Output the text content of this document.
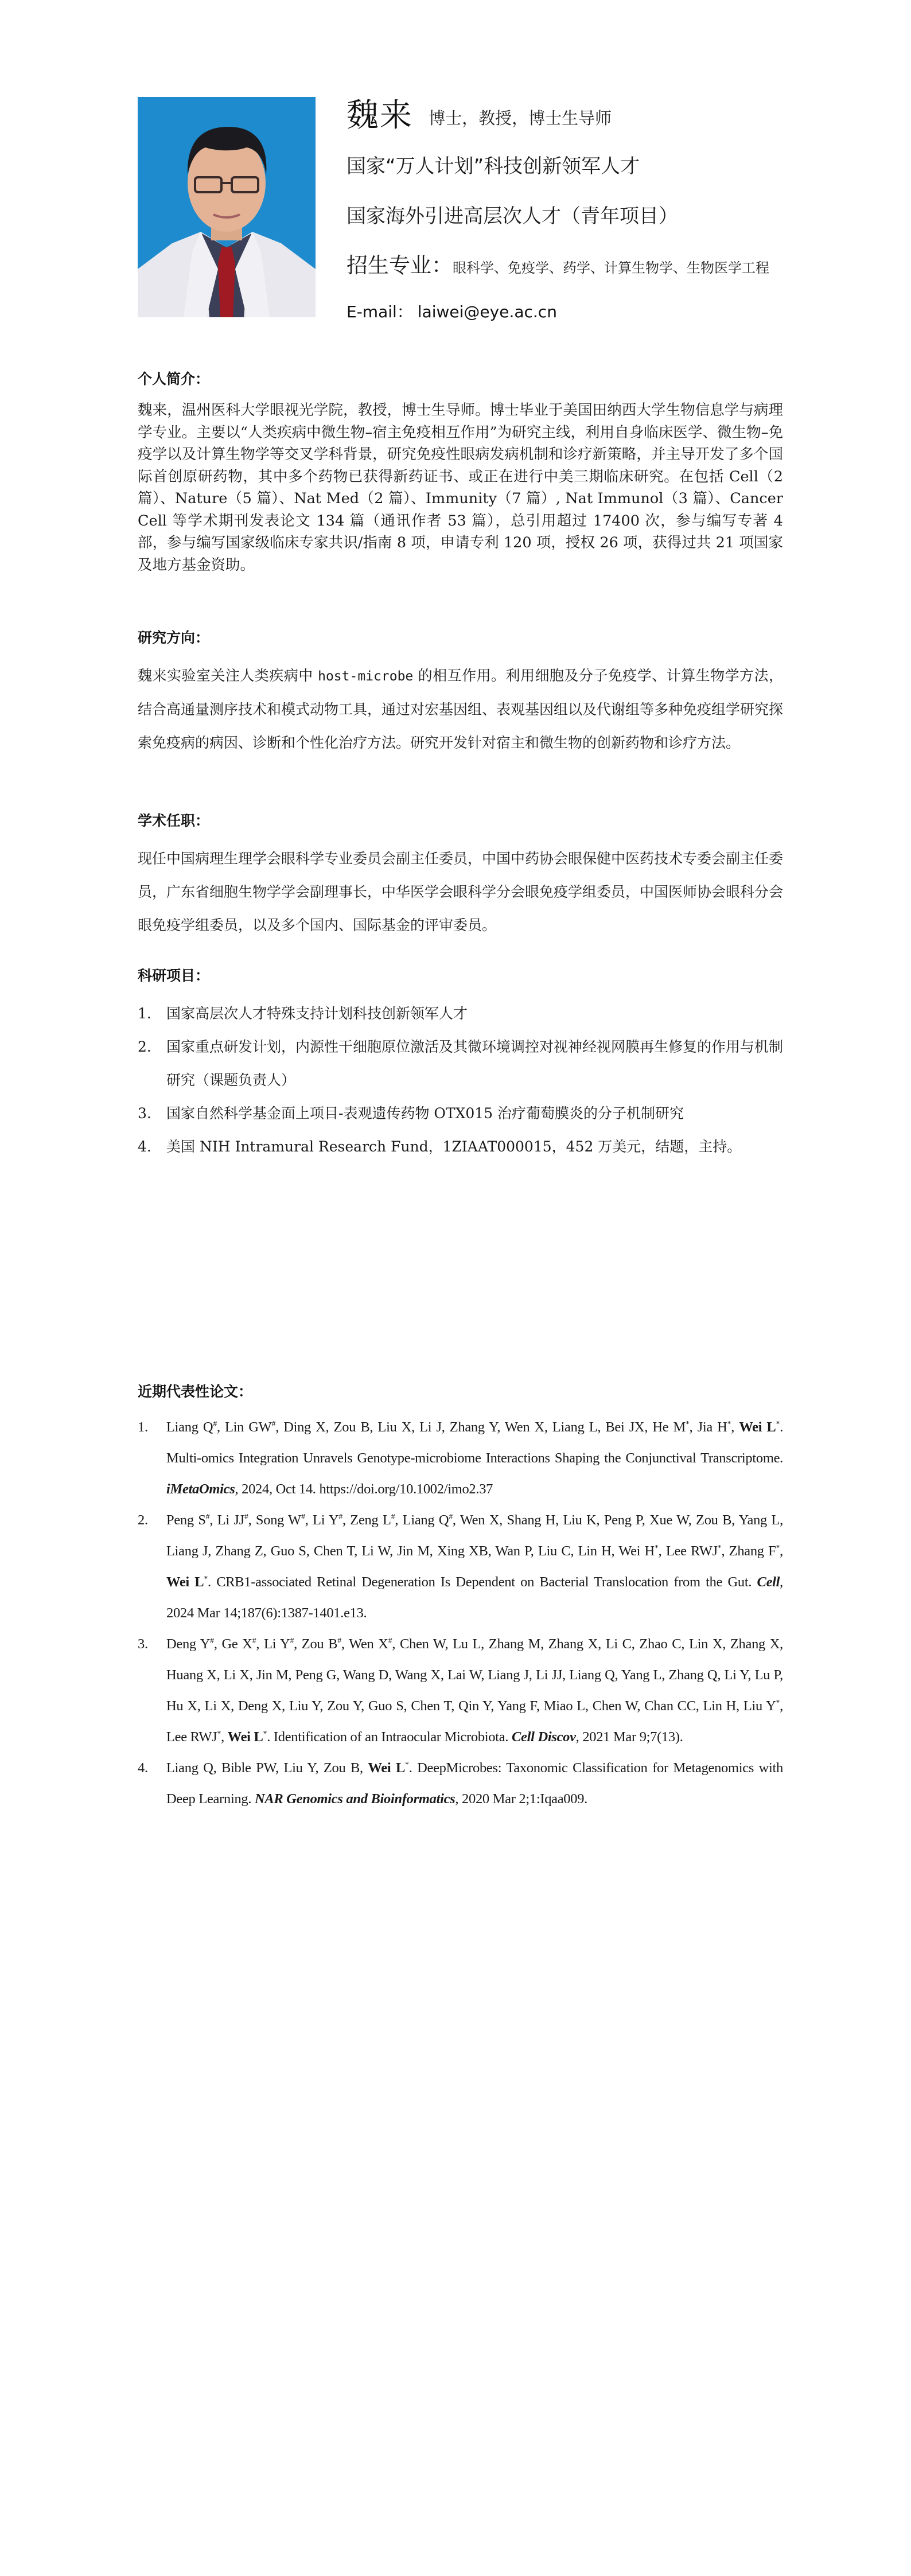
魏来 博士，教授，博士生导师
国家“万人计划”科技创新领军人才
国家海外引进高层次人才（青年项目）
招生专业：眼科学、免疫学、药学、计算生物学、生物医学工程
E-mail： laiwei@eye.ac.cn
个人简介：

魏来，温州医科大学眼视光学院，教授，博士生导师。博士毕业于美国田纳西大学生物信息学与病理学专业。主要以“人类疾病中微生物–宿主免疫相互作用”为研究主线，利用自身临床医学、微生物–免疫学以及计算生物学等交叉学科背景，研究免疫性眼病发病机制和诊疗新策略，并主导开发了多个国际首创原研药物，其中多个药物已获得新药证书、或正在进行中美三期临床研究。在包括 Cell（2 篇）、Nature（5 篇）、Nat Med（2 篇）、Immunity（7 篇）, Nat Immunol（3 篇）、Cancer Cell 等学术期刊发表论文 134 篇（通讯作者 53 篇），总引用超过 17400 次，参与编写专著 4 部，参与编写国家级临床专家共识/指南 8 项，申请专利 120 项，授权 26 项，获得过共 21 项国家及地方基金资助。

研究方向：

魏来实验室关注人类疾病中 host-microbe 的相互作用。利用细胞及分子免疫学、计算生物学方法，结合高通量测序技术和模式动物工具，通过对宏基因组、表观基因组以及代谢组等多种免疫组学研究探索免疫病的病因、诊断和个性化治疗方法。研究开发针对宿主和微生物的创新药物和诊疗方法。

学术任职：

现任中国病理生理学会眼科学专业委员会副主任委员，中国中药协会眼保健中医药技术专委会副主任委员，广东省细胞生物学学会副理事长，中华医学会眼科学分会眼免疫学组委员，中国医师协会眼科分会眼免疫学组委员，以及多个国内、国际基金的评审委员。

科研项目：
1. 国家高层次人才特殊支持计划科技创新领军人才
2. 国家重点研发计划，内源性干细胞原位激活及其微环境调控对视神经视网膜再生修复的作用与机制研究（课题负责人）
3. 国家自然科学基金面上项目-表观遗传药物 OTX015 治疗葡萄膜炎的分子机制研究
4. 美国 NIH Intramural Research Fund，1ZIAAT000015，452 万美元，结题，主持。
近期代表性论文：
1. Liang Q#, Lin GW#, Ding X, Zou B, Liu X, Li J, Zhang Y, Wen X, Liang L, Bei JX, He M*, Jia H*, Wei L*. Multi-omics Integration Unravels Genotype-microbiome Interactions Shaping the Conjunctival Transcriptome. iMetaOmics, 2024, Oct 14. https://doi.org/10.1002/imo2.37
2. Peng S#, Li JJ#, Song W#, Li Y#, Zeng L#, Liang Q#, Wen X, Shang H, Liu K, Peng P, Xue W, Zou B, Yang L, Liang J, Zhang Z, Guo S, Chen T, Li W, Jin M, Xing XB, Wan P, Liu C, Lin H, Wei H*, Lee RWJ*, Zhang F*, Wei L*. CRB1-associated Retinal Degeneration Is Dependent on Bacterial Translocation from the Gut. Cell, 2024 Mar 14;187(6):1387-1401.e13.
3. Deng Y#, Ge X#, Li Y#, Zou B#, Wen X#, Chen W, Lu L, Zhang M, Zhang X, Li C, Zhao C, Lin X, Zhang X, Huang X, Li X, Jin M, Peng G, Wang D, Wang X, Lai W, Liang J, Li JJ, Liang Q, Yang L, Zhang Q, Li Y, Lu P, Hu X, Li X, Deng X, Liu Y, Zou Y, Guo S, Chen T, Qin Y, Yang F, Miao L, Chen W, Chan CC, Lin H, Liu Y*, Lee RWJ*, Wei L*. Identification of an Intraocular Microbiota. Cell Discov, 2021 Mar 9;7(13).
4. Liang Q, Bible PW, Liu Y, Zou B, Wei L*. DeepMicrobes: Taxonomic Classification for Metagenomics with Deep Learning. NAR Genomics and Bioinformatics, 2020 Mar 2;1:Iqaa009.
